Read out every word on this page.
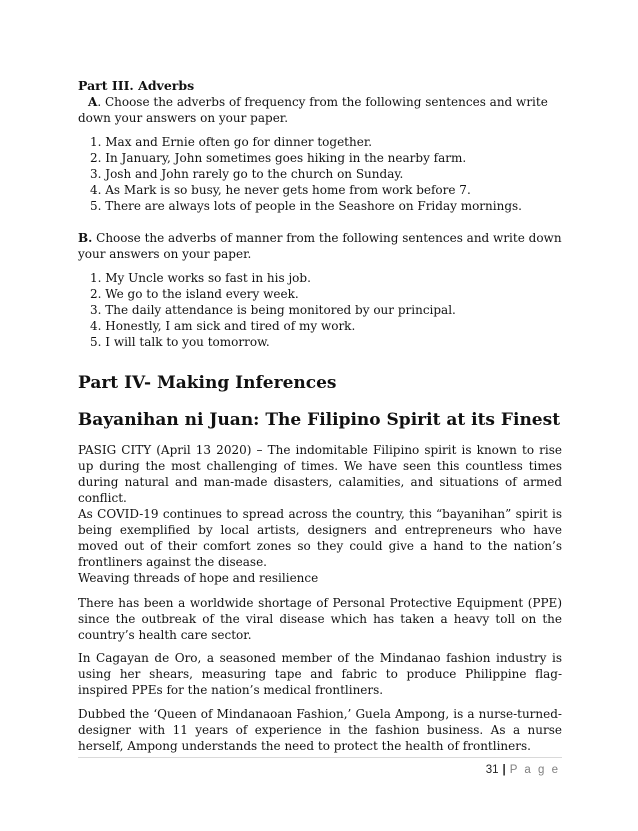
Part III. Adverbs
A. Choose the adverbs of frequency from the following sentences and write down your answers on your paper.
1. Max and Ernie often go for dinner together.
2. In January, John sometimes goes hiking in the nearby farm.
3. Josh and John rarely go to the church on Sunday.
4. As Mark is so busy, he never gets home from work before 7.
5. There are always lots of people in the Seashore on Friday mornings.
B. Choose the adverbs of manner from the following sentences and write down your answers on your paper.
1. My Uncle works so fast in his job.
2. We go to the island every week.
3. The daily attendance is being monitored by our principal.
4. Honestly, I am sick and tired of my work.
5. I will talk to you tomorrow.
Part IV- Making Inferences
Bayanihan ni Juan: The Filipino Spirit at its Finest

PASIG CITY (April 13 2020) – The indomitable Filipino spirit is known to rise up during the most challenging of times. We have seen this countless times during natural and man-made disasters, calamities, and situations of armed conflict.

As COVID-19 continues to spread across the country, this “bayanihan” spirit is being exemplified by local artists, designers and entrepreneurs who have moved out of their comfort zones so they could give a hand to the nation’s frontliners against the disease.

Weaving threads of hope and resilience

There has been a worldwide shortage of Personal Protective Equipment (PPE) since the outbreak of the viral disease which has taken a heavy toll on the country’s health care sector.

In Cagayan de Oro, a seasoned member of the Mindanao fashion industry is using her shears, measuring tape and fabric to produce Philippine flag-inspired PPEs for the nation’s medical frontliners.

Dubbed the ‘Queen of Mindanaoan Fashion,’ Guela Ampong, is a nurse-turned-designer with 11 years of experience in the fashion business. As a nurse herself, Ampong understands the need to protect the health of frontliners.

31 | P a g e
